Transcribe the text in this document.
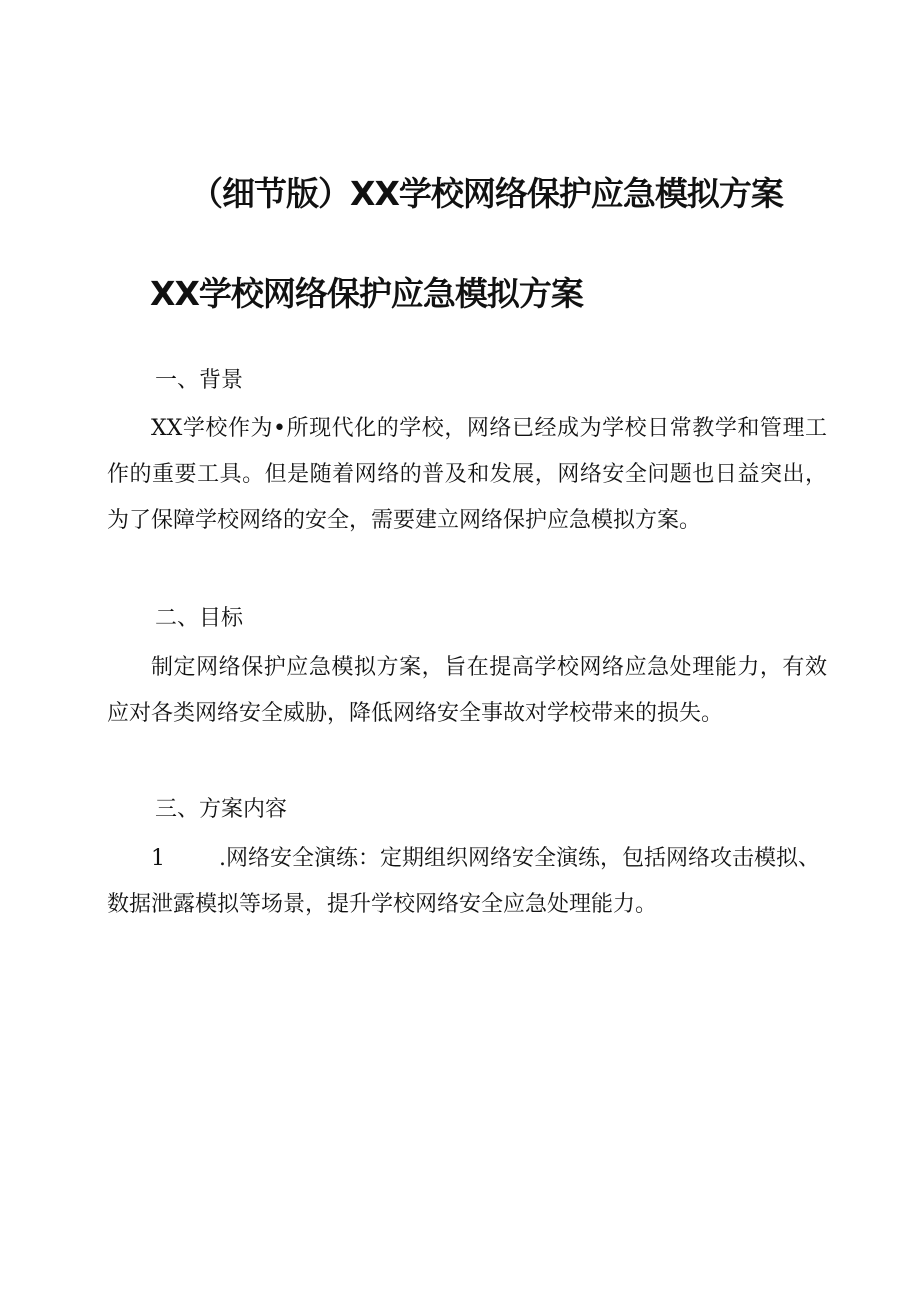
（细节版）XX学校网络保护应急模拟方案
XX学校网络保护应急模拟方案
一、背景

XX学校作为•所现代化的学校，网络已经成为学校日常教学和管理工作的重要工具。但是随着网络的普及和发展，网络安全问题也日益突出，为了保障学校网络的安全，需要建立网络保护应急模拟方案。

二、目标

制定网络保护应急模拟方案，旨在提高学校网络应急处理能力，有效应对各类网络安全威胁，降低网络安全事故对学校带来的损失。

三、方案内容

1 .网络安全演练：定期组织网络安全演练，包括网络攻击模拟、数据泄露模拟等场景，提升学校网络安全应急处理能力。
